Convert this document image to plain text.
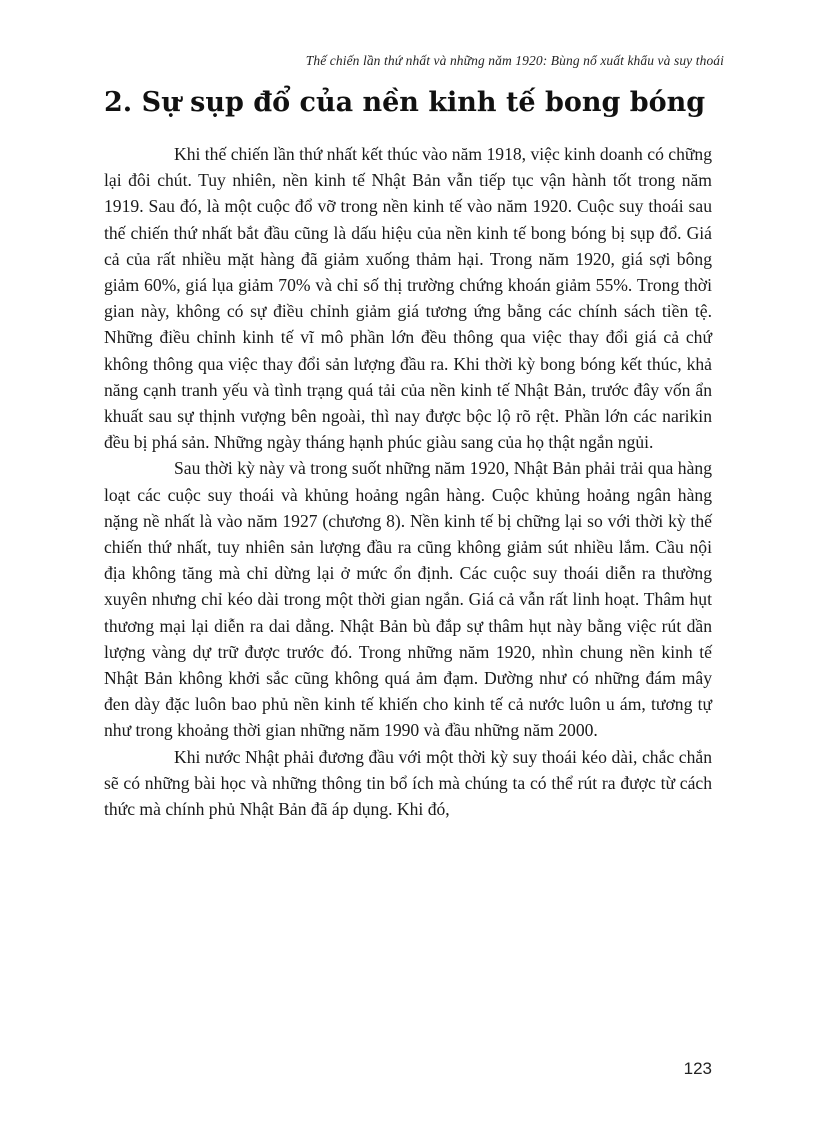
Thế chiến lần thứ nhất và những năm 1920: Bùng nổ xuất khẩu và suy thoái
2. Sự sụp đổ của nền kinh tế bong bóng

Khi thế chiến lần thứ nhất kết thúc vào năm 1918, việc kinh doanh có chững lại đôi chút. Tuy nhiên, nền kinh tế Nhật Bản vẫn tiếp tục vận hành tốt trong năm 1919. Sau đó, là một cuộc đổ vỡ trong nền kinh tế vào năm 1920. Cuộc suy thoái sau thế chiến thứ nhất bắt đầu cũng là dấu hiệu của nền kinh tế bong bóng bị sụp đổ. Giá cả của rất nhiều mặt hàng đã giảm xuống thảm hại. Trong năm 1920, giá sợi bông giảm 60%, giá lụa giảm 70% và chỉ số thị trường chứng khoán giảm 55%. Trong thời gian này, không có sự điều chỉnh giảm giá tương ứng bằng các chính sách tiền tệ. Những điều chỉnh kinh tế vĩ mô phần lớn đều thông qua việc thay đổi giá cả chứ không thông qua việc thay đổi sản lượng đầu ra. Khi thời kỳ bong bóng kết thúc, khả năng cạnh tranh yếu và tình trạng quá tải của nền kinh tế Nhật Bản, trước đây vốn ẩn khuất sau sự thịnh vượng bên ngoài, thì nay được bộc lộ rõ rệt. Phần lớn các narikin đều bị phá sản. Những ngày tháng hạnh phúc giàu sang của họ thật ngắn ngủi.

Sau thời kỳ này và trong suốt những năm 1920, Nhật Bản phải trải qua hàng loạt các cuộc suy thoái và khủng hoảng ngân hàng. Cuộc khủng hoảng ngân hàng nặng nề nhất là vào năm 1927 (chương 8). Nền kinh tế bị chững lại so với thời kỳ thế chiến thứ nhất, tuy nhiên sản lượng đầu ra cũng không giảm sút nhiều lắm. Cầu nội địa không tăng mà chỉ dừng lại ở mức ổn định. Các cuộc suy thoái diễn ra thường xuyên nhưng chỉ kéo dài trong một thời gian ngắn. Giá cả vẫn rất linh hoạt. Thâm hụt thương mại lại diễn ra dai dẳng. Nhật Bản bù đắp sự thâm hụt này bằng việc rút dần lượng vàng dự trữ được trước đó. Trong những năm 1920, nhìn chung nền kinh tế Nhật Bản không khởi sắc cũng không quá ảm đạm. Dường như có những đám mây đen dày đặc luôn bao phủ nền kinh tế khiến cho kinh tế cả nước luôn u ám, tương tự như trong khoảng thời gian những năm 1990 và đầu những năm 2000.

Khi nước Nhật phải đương đầu với một thời kỳ suy thoái kéo dài, chắc chắn sẽ có những bài học và những thông tin bổ ích mà chúng ta có thể rút ra được từ cách thức mà chính phủ Nhật Bản đã áp dụng. Khi đó,

123
